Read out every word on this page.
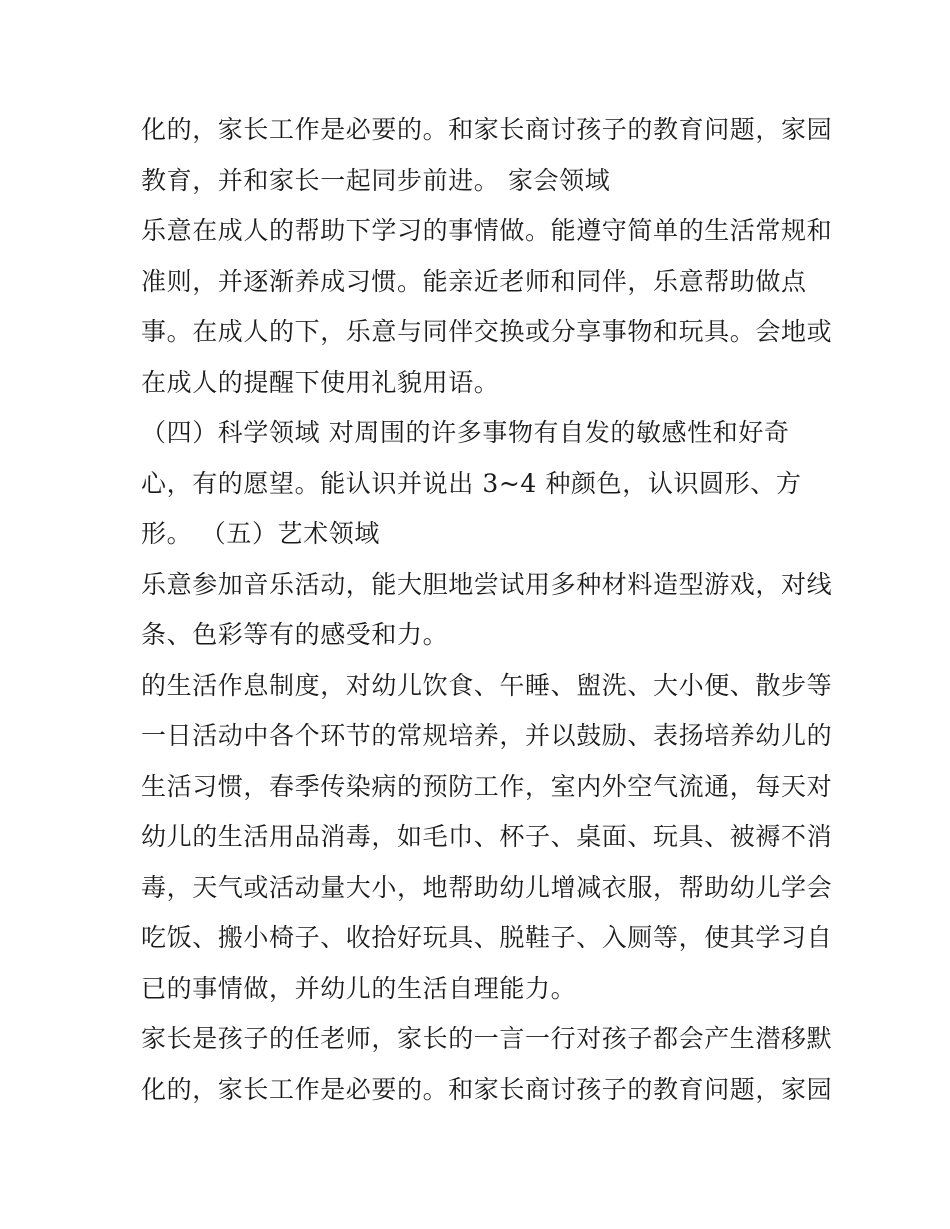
化的，家长工作是必要的。和家长商讨孩子的教育问题，家园
教育，并和家长一起同步前进。 家会领域
乐意在成人的帮助下学习的事情做。能遵守简单的生活常规和
准则，并逐渐养成习惯。能亲近老师和同伴，乐意帮助做点
事。在成人的下，乐意与同伴交换或分享事物和玩具。会地或
在成人的提醒下使用礼貌用语。
（四）科学领域 对周围的许多事物有自发的敏感性和好奇
心，有的愿望。能认识并说出 3~4 种颜色，认识圆形、方
形。 （五）艺术领域
乐意参加音乐活动，能大胆地尝试用多种材料造型游戏，对线
条、色彩等有的感受和力。
的生活作息制度，对幼儿饮食、午睡、盥洗、大小便、散步等
一日活动中各个环节的常规培养，并以鼓励、表扬培养幼儿的
生活习惯，春季传染病的预防工作，室内外空气流通，每天对
幼儿的生活用品消毒，如毛巾、杯子、桌面、玩具、被褥不消
毒，天气或活动量大小，地帮助幼儿增减衣服，帮助幼儿学会
吃饭、搬小椅子、收拾好玩具、脱鞋子、入厕等，使其学习自
已的事情做，并幼儿的生活自理能力。
家长是孩子的任老师，家长的一言一行对孩子都会产生潜移默
化的，家长工作是必要的。和家长商讨孩子的教育问题，家园
